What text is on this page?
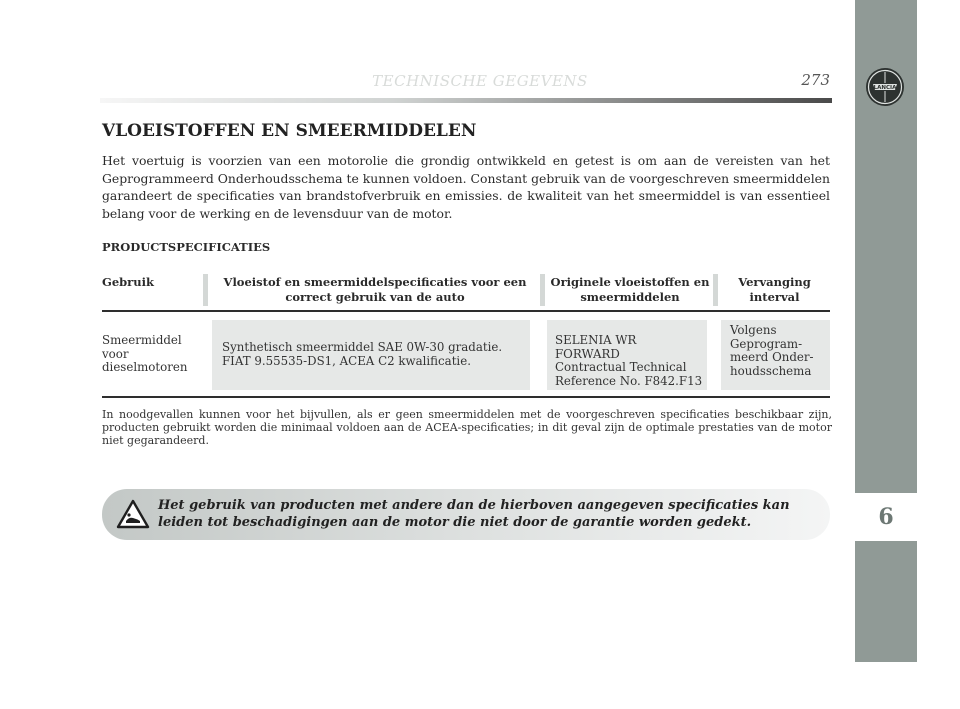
LANCIA
6
TECHNISCHE GEGEVENS	273
VLOEISTOFFEN EN SMEERMIDDELEN
Het voertuig is voorzien van een motorolie die grondig ontwikkeld en getest is om aan de vereisten van het Geprogrammeerd Onderhoudsschema te kunnen voldoen. Constant gebruik van de voorgeschreven smeermiddelen garandeert de specificaties van brandstofverbruik en emissies. de kwaliteit van het smeermiddel is van essentieel belang voor de werking en de levensduur van de motor.
PRODUCTSPECIFICATIES
Gebruik	Vloeistof en smeermiddelspecificaties voor een correct gebruik van de auto
Originele vloeistoffen en smeermiddelen
Vervanging interval
Smeermiddel
voor
dieselmotoren
Synthetisch smeermiddel SAE 0W-30 gradatie.
FIAT 9.55535-DS1, ACEA C2 kwalificatie.
SELENIA WR FORWARD
Contractual Technical
Reference No. F842.F13
Volgens
Geprogram-
meerd Onder-
houdsschema
In noodgevallen kunnen voor het bijvullen, als er geen smeermiddelen met de voorgeschreven specificaties beschikbaar zijn, producten gebruikt worden die minimaal voldoen aan de ACEA-specificaties; in dit geval zijn de optimale prestaties van de motor niet gegarandeerd.
Het gebruik van producten met andere dan de hierboven aangegeven specificaties kan leiden tot beschadigingen aan de motor die niet door de garantie worden gedekt.
